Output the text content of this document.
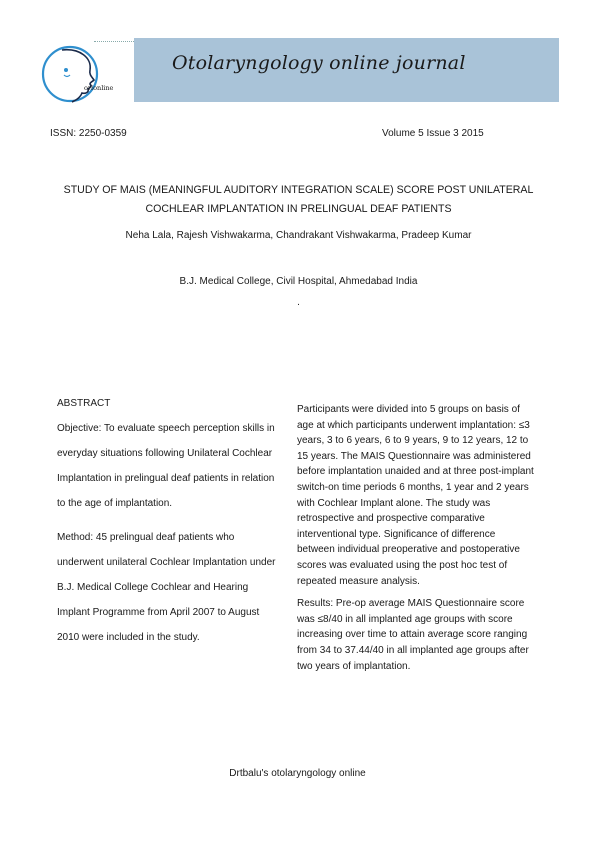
orlonline
Otolaryngology online journal
ISSN: 2250-0359	Volume 5 Issue 3 2015
STUDY OF MAIS (MEANINGFUL AUDITORY INTEGRATION SCALE) SCORE POST UNILATERAL COCHLEAR IMPLANTATION IN PRELINGUAL DEAF PATIENTS
Neha Lala, Rajesh Vishwakarma, Chandrakant Vishwakarma, Pradeep Kumar
B.J. Medical College, Civil Hospital, Ahmedabad India
.
ABSTRACT

Objective: To evaluate speech perception skills in everyday situations following Unilateral Cochlear Implantation in prelingual deaf patients in relation to the age of implantation.

Method: 45 prelingual deaf patients who underwent unilateral Cochlear Implantation under B.J. Medical College Cochlear and Hearing Implant Programme from April 2007 to August 2010 were included in the study.

Participants were divided into 5 groups on basis of age at which participants underwent implantation: ≤3 years, 3 to 6 years, 6 to 9 years, 9 to 12 years, 12 to 15 years. The MAIS Questionnaire was administered before implantation unaided and at three post-implant switch-on time periods 6 months, 1 year and 2 years with Cochlear Implant alone. The study was retrospective and prospective comparative interventional type. Significance of difference between individual preoperative and postoperative scores was evaluated using the post hoc test of repeated measure analysis.

Results: Pre-op average MAIS Questionnaire score was ≤8/40 in all implanted age groups with score increasing over time to attain average score ranging from 34 to 37.44/40 in all implanted age groups after two years of implantation.

Drtbalu's otolaryngology online
